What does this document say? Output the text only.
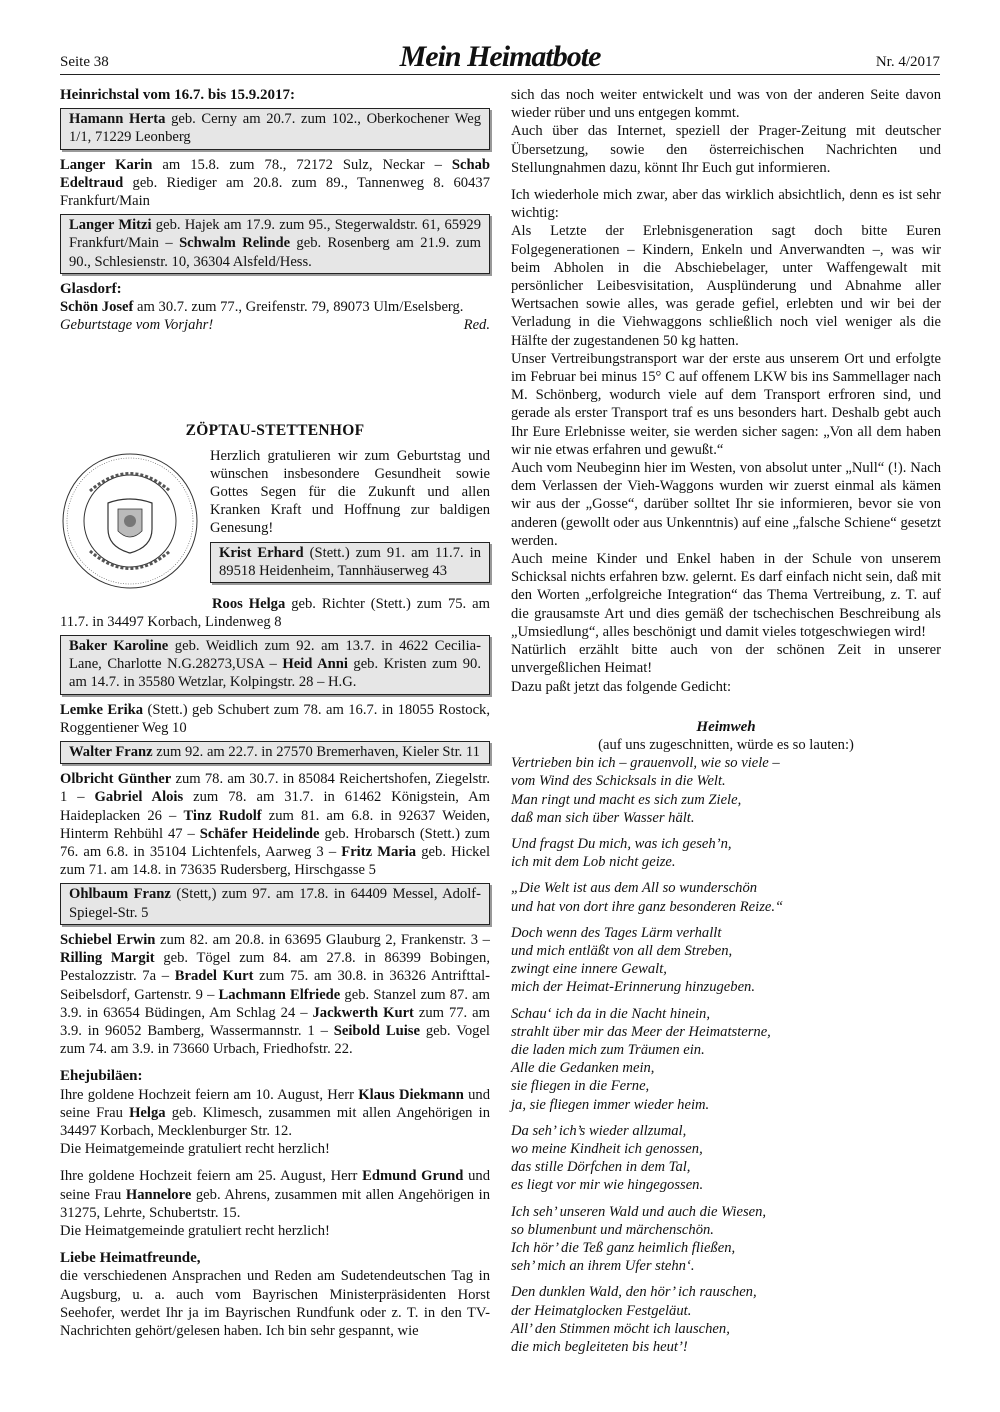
Seite 38	Mein Heimatbote	Nr. 4/2017

Heinrichstal vom 16.7. bis 15.9.2017:

Hamann Herta geb. Cerny am 20.7. zum 102., Oberkochener Weg 1/1, 71229 Leonberg

Langer Karin am 15.8. zum 78., 72172 Sulz, Neckar – Schab Edeltraud geb. Riediger am 20.8. zum 89., Tannenweg 8. 60437 Frankfurt/Main

Langer Mitzi geb. Hajek am 17.9. zum 95., Stegerwaldstr. 61, 65929 Frankfurt/Main – Schwalm Relinde geb. Rosenberg am 21.9. zum 90., Schlesienstr. 10, 36304 Alsfeld/Hess.

Glasdorf:

Schön Josef am 30.7. zum 77., Greifenstr. 79, 89073 Ulm/Eselsberg.

Geburtstage vom Vorjahr!	Red.
ZÖPTAU-STETTENHOF

Herzlich gratulieren wir zum Geburtstag und wünschen insbesondere Gesundheit sowie Gottes Segen für die Zukunft und allen Kranken Kraft und Hoffnung zur baldigen Genesung!

Krist Erhard (Stett.) zum 91. am 11.7. in 89518 Heidenheim, Tannhäuserweg 43

Roos Helga geb. Richter (Stett.) zum 75. am 11.7. in 34497 Korbach, Lindenweg 8

Baker Karoline geb. Weidlich zum 92. am 13.7. in 4622 Cecilia-Lane, Charlotte N.G.28273,USA – Heid Anni geb. Kristen zum 90. am 14.7. in 35580 Wetzlar, Kolpingstr. 28 – H.G.

Lemke Erika (Stett.) geb Schubert zum 78. am 16.7. in 18055 Rostock, Roggentiener Weg 10

Walter Franz zum 92. am 22.7. in 27570 Bremerhaven, Kieler Str. 11

Olbricht Günther zum 78. am 30.7. in 85084 Reichertshofen, Ziegelstr. 1 – Gabriel Alois zum 78. am 31.7. in 61462 Königstein, Am Haideplacken 26 – Tinz Rudolf zum 81. am 6.8. in 92637 Weiden, Hinterm Rehbühl 47 – Schäfer Heidelinde geb. Hrobarsch (Stett.) zum 76. am 6.8. in 35104 Lichtenfels, Aarweg 3 – Fritz Maria geb. Hickel zum 71. am 14.8. in 73635 Rudersberg, Hirschgasse 5

Ohlbaum Franz (Stett,) zum 97. am 17.8. in 64409 Messel, Adolf-Spiegel-Str. 5

Schiebel Erwin zum 82. am 20.8. in 63695 Glauburg 2, Frankenstr. 3 – Rilling Margit geb. Tögel zum 84. am 27.8. in 86399 Bobingen, Pestalozzistr. 7a – Bradel Kurt zum 75. am 30.8. in 36326 Antrifttal-Seibelsdorf, Gartenstr. 9 – Lachmann Elfriede geb. Stanzel zum 87. am 3.9. in 63654 Büdingen, Am Schlag 24 – Jackwerth Kurt zum 77. am 3.9. in 96052 Bamberg, Wassermannstr. 1 – Seibold Luise geb. Vogel zum 74. am 3.9. in 73660 Urbach, Friedhofstr. 22.

Ehejubiläen:

Ihre goldene Hochzeit feiern am 10. August, Herr Klaus Diekmann und seine Frau Helga geb. Klimesch, zusammen mit allen Angehörigen in 34497 Korbach, Mecklenburger Str. 12.

Die Heimatgemeinde gratuliert recht herzlich!

Ihre goldene Hochzeit feiern am 25. August, Herr Edmund Grund und seine Frau Hannelore geb. Ahrens, zusammen mit allen Angehörigen in 31275, Lehrte, Schubertstr. 15.

Die Heimatgemeinde gratuliert recht herzlich!

Liebe Heimatfreunde,

die verschiedenen Ansprachen und Reden am Sudetendeutschen Tag in Augsburg, u. a. auch vom Bayrischen Ministerpräsidenten Horst Seehofer, werdet Ihr ja im Bayrischen Rundfunk oder z. T. in den TV-Nachrichten gehört/gelesen haben. Ich bin sehr gespannt, wie

sich das noch weiter entwickelt und was von der anderen Seite davon wieder rüber und uns entgegen kommt.

Auch über das Internet, speziell der Prager-Zeitung mit deutscher Übersetzung, sowie den österreichischen Nachrichten und Stellungnahmen dazu, könnt Ihr Euch gut informieren.

Ich wiederhole mich zwar, aber das wirklich absichtlich, denn es ist sehr wichtig:

Als Letzte der Erlebnisgeneration sagt doch bitte Euren Folgegenerationen – Kindern, Enkeln und Anverwandten –, was wir beim Abholen in die Abschiebelager, unter Waffengewalt mit persönlicher Leibesvisitation, Ausplünderung und Abnahme aller Wertsachen sowie alles, was gerade gefiel, erlebten und wir bei der Verladung in die Viehwaggons schließlich noch viel weniger als die Hälfte der zugestandenen 50 kg hatten.

Unser Vertreibungstransport war der erste aus unserem Ort und erfolgte im Februar bei minus 15° C auf offenem LKW bis ins Sammellager nach M. Schönberg, wodurch viele auf dem Transport erfroren sind, und gerade als erster Transport traf es uns besonders hart. Deshalb gebt auch Ihr Eure Erlebnisse weiter, sie werden sicher sagen: „Von all dem haben wir nie etwas erfahren und gewußt.“

Auch vom Neubeginn hier im Westen, von absolut unter „Null“ (!). Nach dem Verlassen der Vieh-Waggons wurden wir zuerst einmal als kämen wir aus der „Gosse“, darüber solltet Ihr sie informieren, bevor sie von anderen (gewollt oder aus Unkenntnis) auf eine „falsche Schiene“ gesetzt werden.

Auch meine Kinder und Enkel haben in der Schule von unserem Schicksal nichts erfahren bzw. gelernt. Es darf einfach nicht sein, daß mit den Worten „erfolgreiche Integration“ das Thema Vertreibung, z. T. auf die grausamste Art und dies gemäß der tschechischen Beschreibung als „Umsiedlung“, alles beschönigt und damit vieles totgeschwiegen wird!

Natürlich erzählt bitte auch von der schönen Zeit in unserer unvergeßlichen Heimat!

Dazu paßt jetzt das folgende Gedicht:

Heimweh

(auf uns zugeschnitten, würde es so lauten:)

Vertrieben bin ich – grauenvoll, wie so viele –
vom Wind des Schicksals in die Welt.
Man ringt und macht es sich zum Ziele,
daß man sich über Wasser hält.
Und fragst Du mich, was ich geseh’n,
ich mit dem Lob nicht geize.
„Die Welt ist aus dem All so wunderschön
und hat von dort ihre ganz besonderen Reize.“
Doch wenn des Tages Lärm verhallt
und mich entläßt von all dem Streben,
zwingt eine innere Gewalt,
mich der Heimat-Erinnerung hinzugeben.
Schau‘ ich da in die Nacht hinein,
strahlt über mir das Meer der Heimatsterne,
die laden mich zum Träumen ein.
Alle die Gedanken mein,
sie fliegen in die Ferne,
ja, sie fliegen immer wieder heim.
Da seh’ ich’s wieder allzumal,
wo meine Kindheit ich genossen,
das stille Dörfchen in dem Tal,
es liegt vor mir wie hingegossen.
Ich seh’ unseren Wald und auch die Wiesen,
so blumenbunt und märchenschön.
Ich hör’ die Teß ganz heimlich fließen,
seh’ mich an ihrem Ufer stehn‘.
Den dunklen Wald, den hör’ ich rauschen,
der Heimatglocken Festgeläut.
All’ den Stimmen möcht ich lauschen,
die mich begleiteten bis heut’!
